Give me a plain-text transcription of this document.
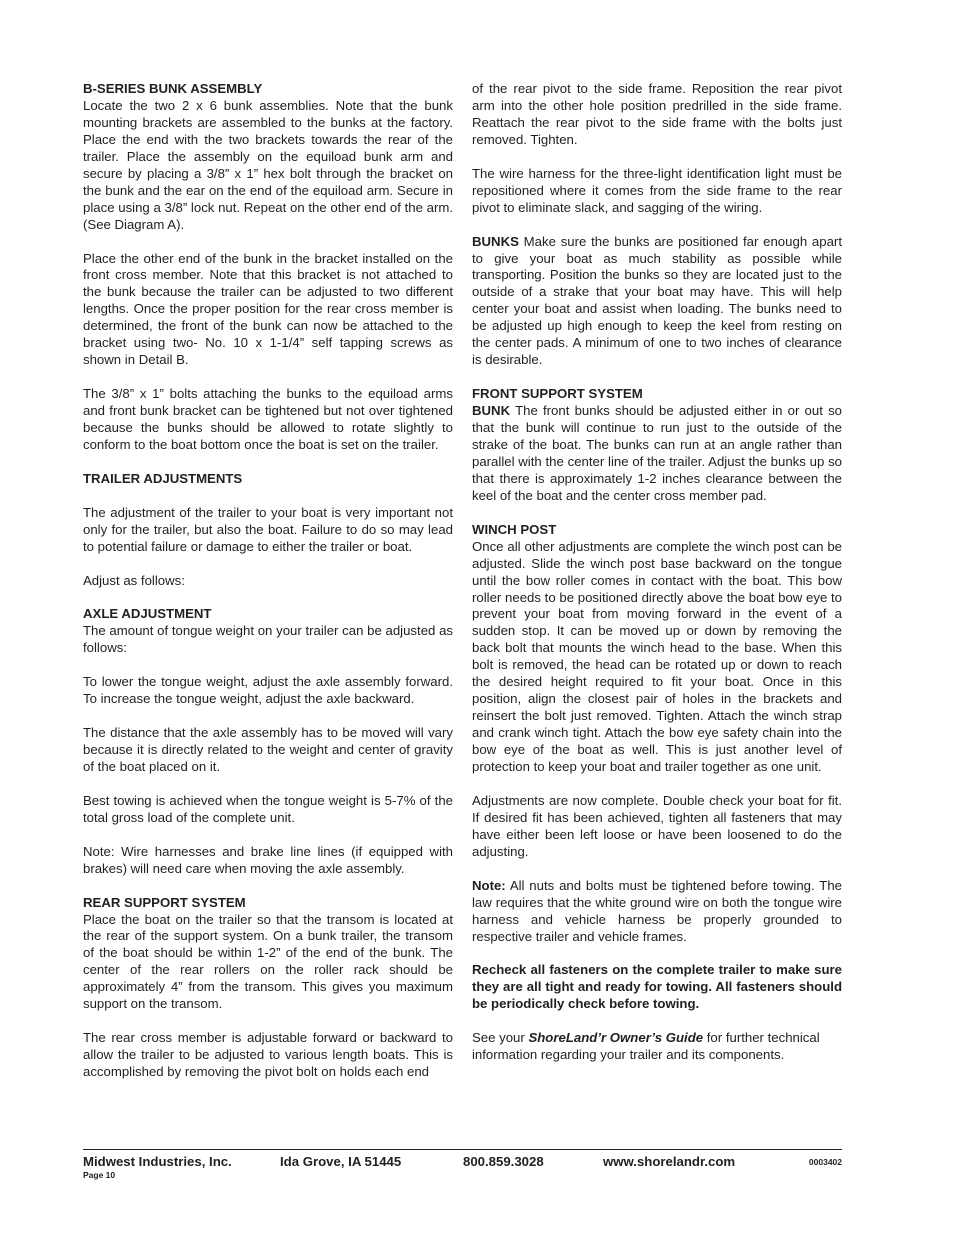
B-SERIES BUNK ASSEMBLY
Locate the two 2 x 6 bunk assemblies. Note that the bunk mounting brackets are assembled to the bunks at the factory. Place the end with the two brackets towards the rear of the trailer. Place the assembly on the equiload bunk arm and secure by placing a 3/8” x 1” hex bolt through the bracket on the bunk and the ear on the end of the equiload arm. Secure in place using a 3/8” lock nut. Repeat on the other end of the arm. (See Diagram A).

Place the other end of the bunk in the bracket installed on the front cross member. Note that this bracket is not attached to the bunk because the trailer can be adjusted to two different lengths. Once the proper position for the rear cross member is determined, the front of the bunk can now be attached to the bracket using two- No. 10 x 1-1/4” self tapping screws as shown in Detail B.

The 3/8” x 1” bolts attaching the bunks to the equiload arms and front bunk bracket can be tightened but not over tightened because the bunks should be allowed to rotate slightly to conform to the boat bottom once the boat is set on the trailer.

TRAILER ADJUSTMENTS

The adjustment of the trailer to your boat is very important not only for the trailer, but also the boat. Failure to do so may lead to potential failure or damage to either the trailer or boat.

Adjust as follows:

AXLE ADJUSTMENT
The amount of tongue weight on your trailer can be adjusted as follows:

To lower the tongue weight, adjust the axle assembly forward. To increase the tongue weight, adjust the axle backward.

The distance that the axle assembly has to be moved will vary because it is directly related to the weight and center of gravity of the boat placed on it.

Best towing is achieved when the tongue weight is 5-7% of the total gross load of the complete unit.

Note: Wire harnesses and brake line lines (if equipped with brakes) will need care when moving the axle assembly.

REAR SUPPORT SYSTEM
Place the boat on the trailer so that the transom is located at the rear of the support system. On a bunk trailer, the transom of the boat should be within 1-2” of the end of the bunk. The center of the rear rollers on the roller rack should be approximately 4” from the transom. This gives you maximum support on the transom.

The rear cross member is adjustable forward or backward to allow the trailer to be adjusted to various length boats. This is accomplished by removing the pivot bolt on holds each end

of the rear pivot to the side frame. Reposition the rear pivot arm into the other hole position predrilled in the side frame. Reattach the rear pivot to the side frame with the bolts just removed. Tighten.

The wire harness for the three-light identification light must be repositioned where it comes from the side frame to the rear pivot to eliminate slack, and sagging of the wiring.

BUNKS Make sure the bunks are positioned far enough apart to give your boat as much stability as possible while transporting. Position the bunks so they are located just to the outside of a strake that your boat may have. This will help center your boat and assist when loading. The bunks need to be adjusted up high enough to keep the keel from resting on the center pads. A minimum of one to two inches of clearance is desirable.

FRONT SUPPORT SYSTEM
BUNK The front bunks should be adjusted either in or out so that the bunk will continue to run just to the outside of the strake of the boat. The bunks can run at an angle rather than parallel with the center line of the trailer. Adjust the bunks up so that there is approximately 1-2 inches clearance between the keel of the boat and the center cross member pad.

WINCH POST
Once all other adjustments are complete the winch post can be adjusted. Slide the winch post base backward on the tongue until the bow roller comes in contact with the boat. This bow roller needs to be positioned directly above the boat bow eye to prevent your boat from moving forward in the event of a sudden stop. It can be moved up or down by removing the back bolt that mounts the winch head to the base. When this bolt is removed, the head can be rotated up or down to reach the desired height required to fit your boat. Once in this position, align the closest pair of holes in the brackets and reinsert the bolt just removed. Tighten. Attach the winch strap and crank winch tight. Attach the bow eye safety chain into the bow eye of the boat as well. This is just another level of protection to keep your boat and trailer together as one unit.

Adjustments are now complete. Double check your boat for fit. If desired fit has been achieved, tighten all fasteners that may have either been left loose or have been loosened to do the adjusting.

Note: All nuts and bolts must be tightened before towing. The law requires that the white ground wire on both the tongue wire harness and vehicle harness be properly grounded to respective trailer and vehicle frames.

Recheck all fasteners on the complete trailer to make sure they are all tight and ready for towing. All fasteners should be periodically check before towing.

See your ShoreLand’r Owner’s Guide for further technical information regarding your trailer and its components.

Midwest Industries, Inc.	Ida Grove, IA 51445	800.859.3028	www.shorelandr.com	0003402
Page 10
